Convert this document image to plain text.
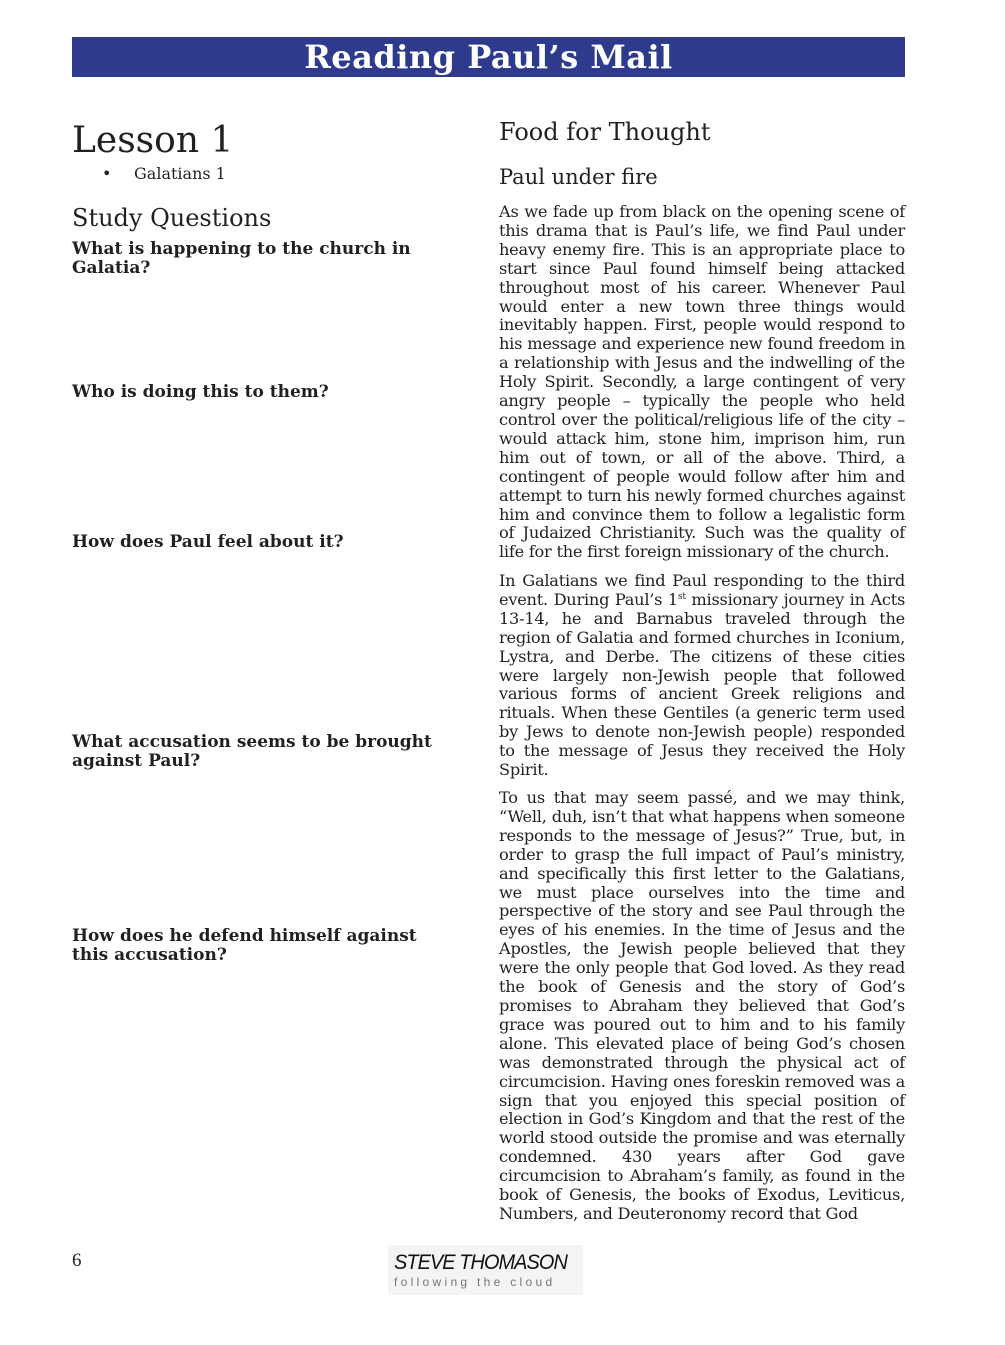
Reading Paul’s Mail
Lesson 1
•	Galatians 1
Study Questions
What is happening to the church in Galatia?
Who is doing this to them?
How does Paul feel about it?
What accusation seems to be brought against Paul?
How does he defend himself against this accusation?
Food for Thought
Paul under fire

As we fade up from black on the opening scene of this drama that is Paul’s life, we find Paul under heavy enemy fire. This is an appropriate place to start since Paul found himself being attacked throughout most of his career. Whenever Paul would enter a new town three things would inevitably happen. First, people would respond to his message and experience new found freedom in a relationship with Jesus and the indwelling of the Holy Spirit. Secondly, a large contingent of very angry people – typically the people who held control over the political/religious life of the city – would attack him, stone him, imprison him, run him out of town, or all of the above. Third, a contingent of people would follow after him and attempt to turn his newly formed churches against him and convince them to follow a legalistic form of Judaized Christianity. Such was the quality of life for the first foreign missionary of the church.

In Galatians we find Paul responding to the third event. During Paul’s 1st missionary journey in Acts 13-14, he and Barnabus traveled through the region of Galatia and formed churches in Iconium, Lystra, and Derbe. The citizens of these cities were largely non-Jewish people that followed various forms of ancient Greek religions and rituals. When these Gentiles (a generic term used by Jews to denote non-Jewish people) responded to the message of Jesus they received the Holy Spirit.

To us that may seem passé, and we may think, “Well, duh, isn’t that what happens when someone responds to the message of Jesus?” True, but, in order to grasp the full impact of Paul’s ministry, and specifically this first letter to the Galatians, we must place ourselves into the time and perspective of the story and see Paul through the eyes of his enemies. In the time of Jesus and the Apostles, the Jewish people believed that they were the only people that God loved. As they read the book of Genesis and the story of God’s promises to Abraham they believed that God’s grace was poured out to him and to his family alone. This elevated place of being God’s chosen was demonstrated through the physical act of circumcision. Having ones foreskin removed was a sign that you enjoyed this special position of election in God’s Kingdom and that the rest of the world stood outside the promise and was eternally condemned. 430 years after God gave circumcision to Abraham’s family, as found in the book of Genesis, the books of Exodus, Leviticus, Numbers, and Deuteronomy record that God

6	STEVE THOMASON
following the cloud
